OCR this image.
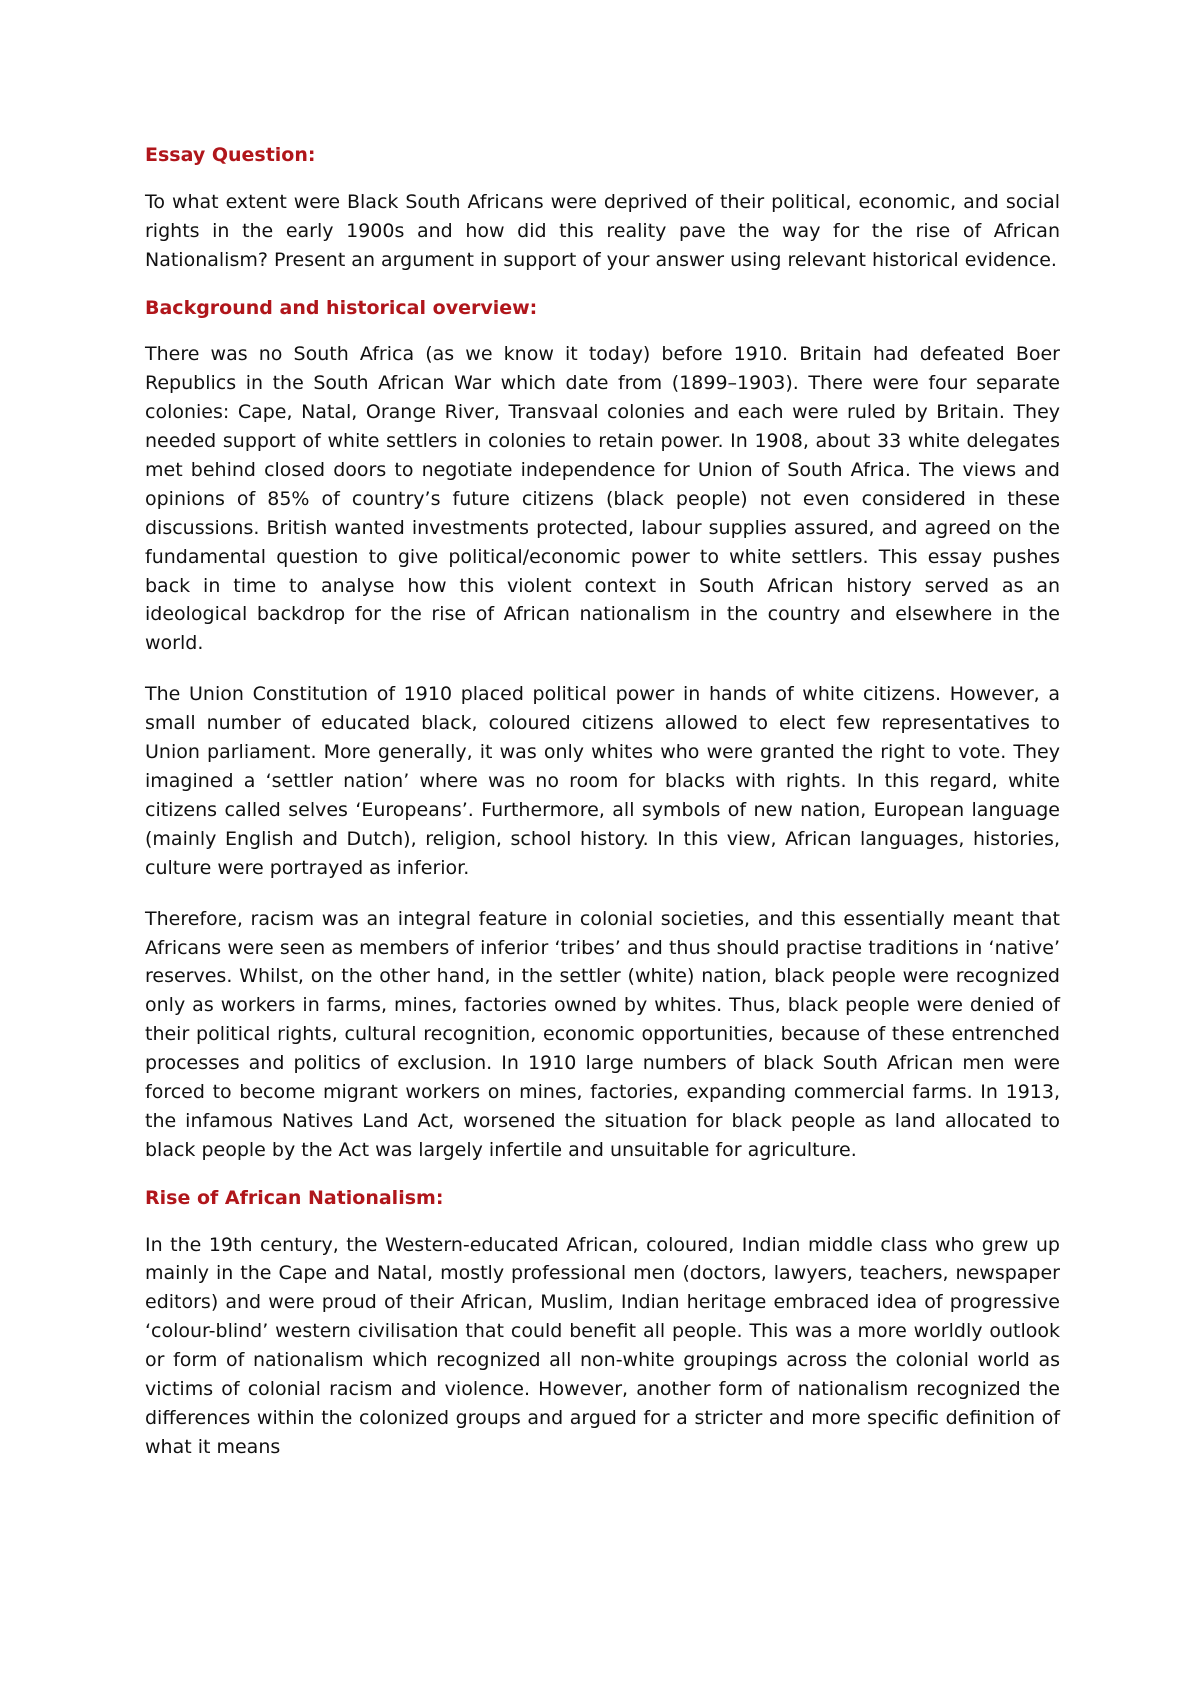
Essay Question:

To what extent were Black South Africans were deprived of their political, economic, and social rights in the early 1900s and how did this reality pave the way for the rise of African Nationalism? Present an argument in support of your answer using relevant historical evidence.

Background and historical overview:

There was no South Africa (as we know it today) before 1910. Britain had defeated Boer Republics in the South African War which date from (1899–1903). There were four separate colonies: Cape, Natal, Orange River, Transvaal colonies and each were ruled by Britain. They needed support of white settlers in colonies to retain power. In 1908, about 33 white delegates met behind closed doors to negotiate independence for Union of South Africa. The views and opinions of 85% of country’s future citizens (black people) not even considered in these discussions. British wanted investments protected, labour supplies assured, and agreed on the fundamental question to give political/economic power to white settlers. This essay pushes back in time to analyse how this violent context in South African history served as an ideological backdrop for the rise of African nationalism in the country and elsewhere in the world.

The Union Constitution of 1910 placed political power in hands of white citizens. However, a small number of educated black, coloured citizens allowed to elect few representatives to Union parliament. More generally, it was only whites who were granted the right to vote. They imagined a ‘settler nation’ where was no room for blacks with rights. In this regard, white citizens called selves ‘Europeans’. Furthermore, all symbols of new nation, European language (mainly English and Dutch), religion, school history. In this view, African languages, histories, culture were portrayed as inferior.

Therefore, racism was an integral feature in colonial societies, and this essentially meant that Africans were seen as members of inferior ‘tribes’ and thus should practise traditions in ‘native’ reserves. Whilst, on the other hand, in the settler (white) nation, black people were recognized only as workers in farms, mines, factories owned by whites. Thus, black people were denied of their political rights, cultural recognition, economic opportunities, because of these entrenched processes and politics of exclusion. In 1910 large numbers of black South African men were forced to become migrant workers on mines, factories, expanding commercial farms. In 1913, the infamous Natives Land Act, worsened the situation for black people as land allocated to black people by the Act was largely infertile and unsuitable for agriculture.

Rise of African Nationalism:

In the 19th century, the Western-educated African, coloured, Indian middle class who grew up mainly in the Cape and Natal, mostly professional men (doctors, lawyers, teachers, newspaper editors) and were proud of their African, Muslim, Indian heritage embraced idea of progressive ‘colour-blind’ western civilisation that could benefit all people. This was a more worldly outlook or form of nationalism which recognized all non-white groupings across the colonial world as victims of colonial racism and violence. However, another form of nationalism recognized the differences within the colonized groups and argued for a stricter and more specific definition of what it means
